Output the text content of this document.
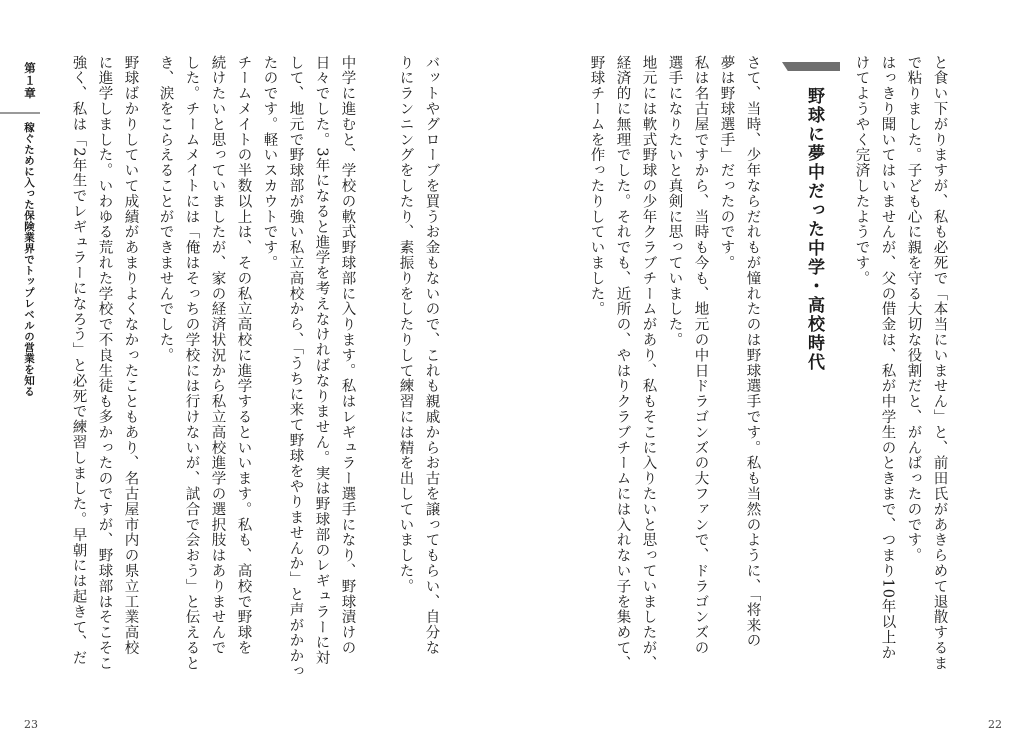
と食い下がりますが、私も必死で「本当にいません」と、前田氏があきらめて退散するま
で粘りました。子ども心に親を守る大切な役割だと、がんばったのです。
はっきり聞いてはいませんが、父の借金は、私が中学生のときまで、つまり10年以上か
けてようやく完済したようです。
野球に夢中だった中学・高校時代
さて、当時、少年ならだれもが憧れたのは野球選手です。私も当然のように、「将来の
夢は野球選手」だったのです。
私は名古屋ですから、当時も今も、地元の中日ドラゴンズの大ファンで、ドラゴンズの
選手になりたいと真剣に思っていました。
地元には軟式野球の少年クラブチームがあり、私もそこに入りたいと思っていましたが、
経済的に無理でした。それでも、近所の、やはりクラブチームには入れない子を集めて、
野球チームを作ったりしていました。
22
バットやグローブを買うお金もないので、これも親戚からお古を譲ってもらい、自分な
りにランニングをしたり、素振りをしたりして練習には精を出していました。
中学に進むと、学校の軟式野球部に入ります。私はレギュラー選手になり、野球漬けの
日々でした。3年になると進学を考えなければなりません。実は野球部のレギュラーに対
して、地元で野球部が強い私立高校から、「うちに来て野球をやりませんか」と声がかかっ
たのです。軽いスカウトです。
チームメイトの半数以上は、その私立高校に進学するといいます。私も、高校で野球を
続けたいと思っていましたが、家の経済状況から私立高校進学の選択肢はありませんで
した。チームメイトには「俺はそっちの学校には行けないが、試合で会おう」と伝えると
き、涙をこらえることができませんでした。
野球ばかりしていて成績があまりよくなかったこともあり、名古屋市内の県立工業高校
に進学しました。いわゆる荒れた学校で不良生徒も多かったのですが、野球部はそこそこ
強く、私は「2年生でレギュラーになろう」と必死で練習しました。早朝には起きて、だ
第１章
稼ぐために入った保険業界でトップレベルの営業を知る
23
